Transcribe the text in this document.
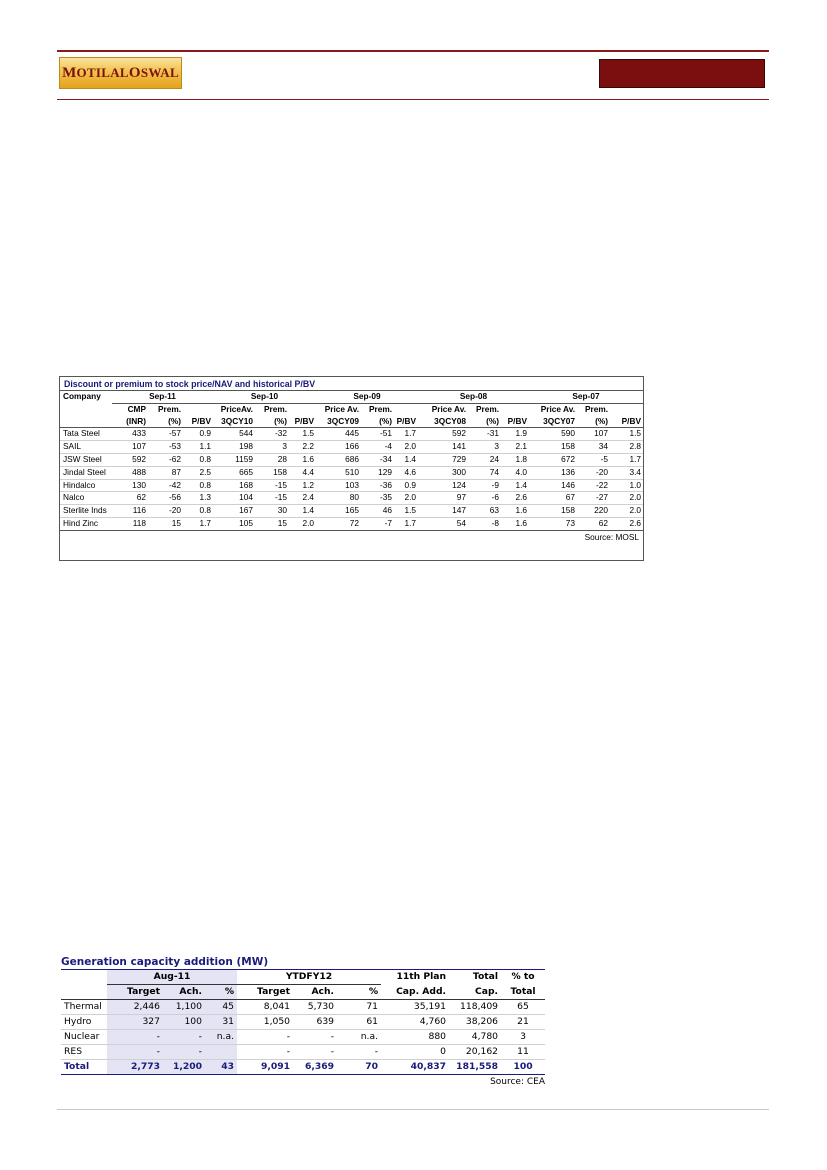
M OTILAL O SWAL
Discount or premium to stock price/NAV and historical P/BV
Company	Sep-11			Sep-10			Sep-09			Sep-08			Sep-07		
	CMP	Prem.		PriceAv.	Prem.		Price Av.	Prem.		Price Av.	Prem.		Price Av.	Prem.	
	(INR)	(%)	P/BV	3QCY10	(%)	P/BV	3QCY09	(%)	P/BV	3QCY08	(%)	P/BV	3QCY07	(%)	P/BV
Tata Steel	433	-57	0.9	544	-32	1.5	445	-51	1.7	592	-31	1.9	590	107	1.5
SAIL	107	-53	1.1	198	3	2.2	166	-4	2.0	141	3	2.1	158	34	2.8
JSW Steel	592	-62	0.8	1159	28	1.6	686	-34	1.4	729	24	1.8	672	-5	1.7
Jindal Steel	488	87	2.5	665	158	4.4	510	129	4.6	300	74	4.0	136	-20	3.4
Hindalco	130	-42	0.8	168	-15	1.2	103	-36	0.9	124	-9	1.4	146	-22	1.0
Nalco	62	-56	1.3	104	-15	2.4	80	-35	2.0	97	-6	2.6	67	-27	2.0
Sterlite Inds	116	-20	0.8	167	30	1.4	165	46	1.5	147	63	1.6	158	220	2.0
Hind Zinc	118	15	1.7	105	15	2.0	72	-7	1.7	54	-8	1.6	73	62	2.6
Source: MOSL
Generation capacity addition (MW)
	Aug-11			YTDFY12			11th Plan	Total	% to
	Target	Ach.	%	Target	Ach.	%	Cap. Add.	Cap.	Total
Thermal	2,446	1,100	45	8,041	5,730	71	35,191	118,409	65
Hydro	327	100	31	1,050	639	61	4,760	38,206	21
Nuclear	-	-	n.a.	-	-	n.a.	880	4,780	3
RES	-	-		-	-	-	0	20,162	11
Total	2,773	1,200	43	9,091	6,369	70	40,837	181,558	100
Source: CEA
